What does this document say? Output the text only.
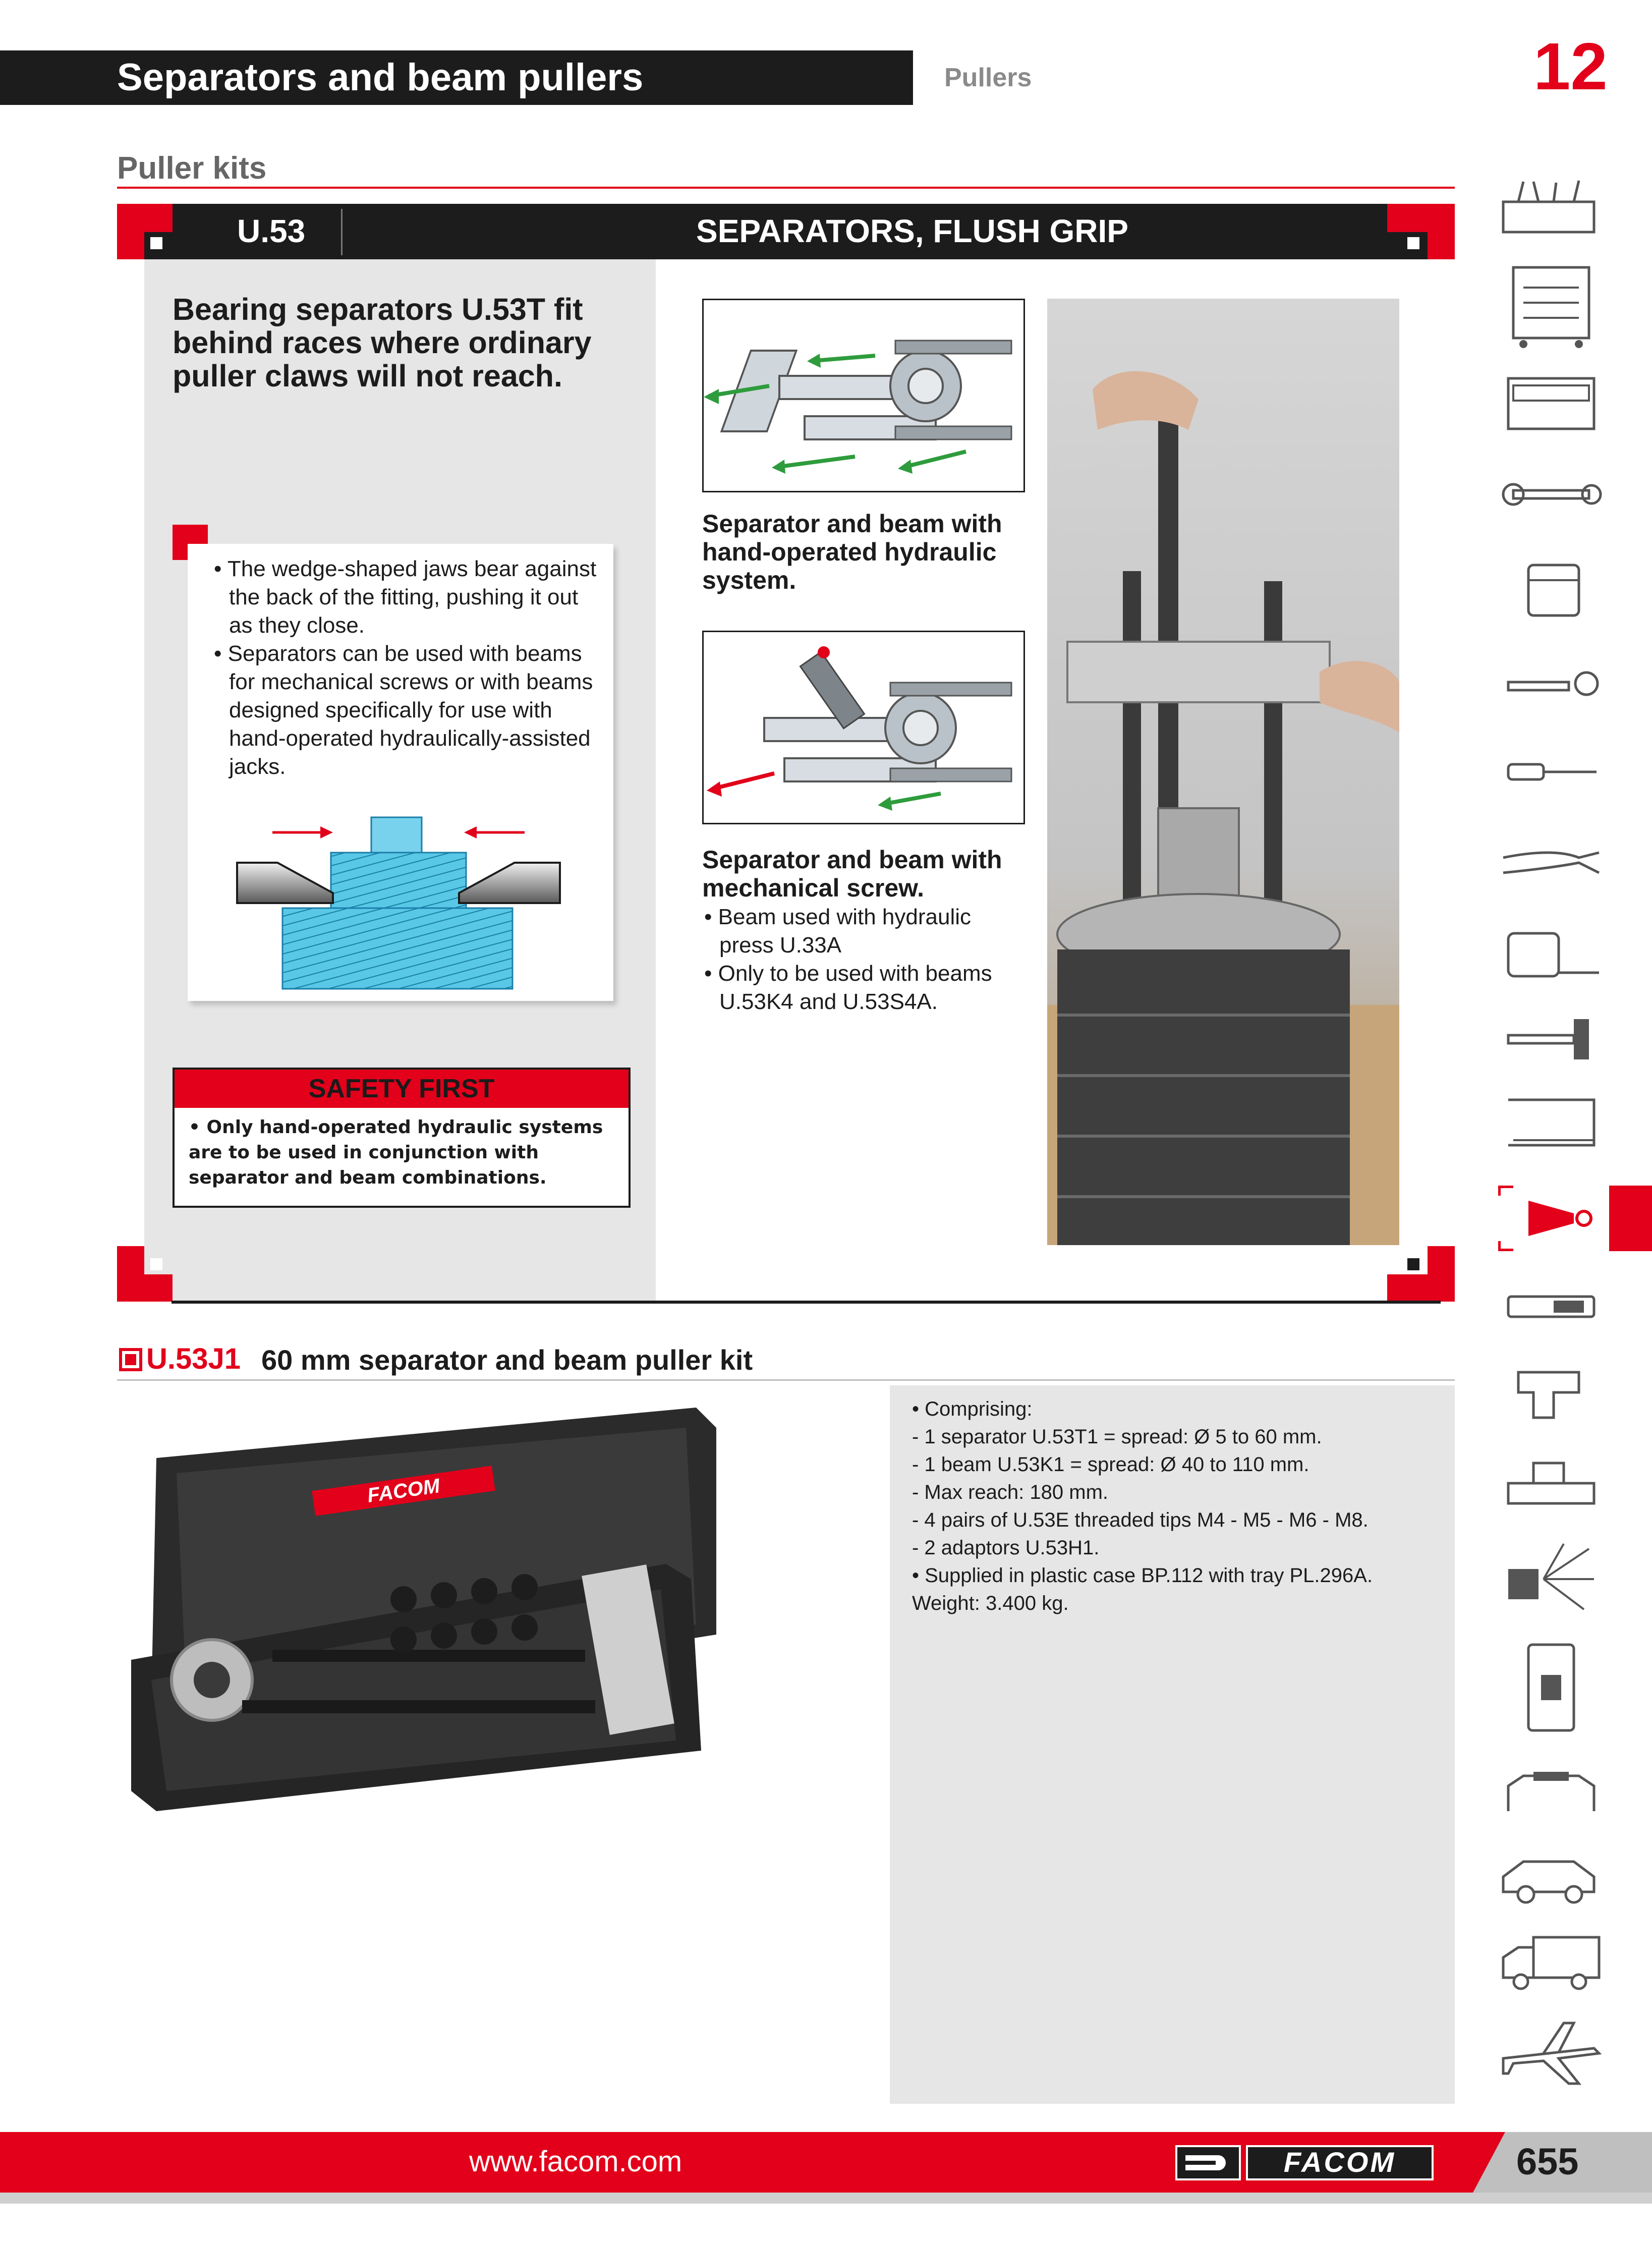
Separators and beam pullers	Pullers	12
Puller kits
U.53	SEPARATORS, FLUSH GRIP
Bearing separators U.53T fit behind races where ordinary puller claws will not reach.
• The wedge-shaped jaws bear against the back of the fitting, pushing it out as they close.
• Separators can be used with beams for mechanical screws or with beams designed specifically for use with hand-operated hydraulically-assisted jacks.
SAFETY FIRST
• Only hand-operated hydraulic systems are to be used in conjunction with separator and beam combinations.
Separator and beam with hand-operated hydraulic system.
Separator and beam with mechanical screw.
• Beam used with hydraulic press U.33A
• Only to be used with beams U.53K4 and U.53S4A.
U.53J1 60 mm separator and beam puller kit
FACOM
• Comprising:
- 1 separator U.53T1 = spread: Ø 5 to 60 mm.
- 1 beam U.53K1 = spread: Ø 40 to 110 mm.
- Max reach: 180 mm.
- 4 pairs of U.53E threaded tips M4 - M5 - M6 - M8.
- 2 adaptors U.53H1.
• Supplied in plastic case BP.112 with tray PL.296A.
Weight: 3.400 kg.
www.facom.com	FACOM	655
